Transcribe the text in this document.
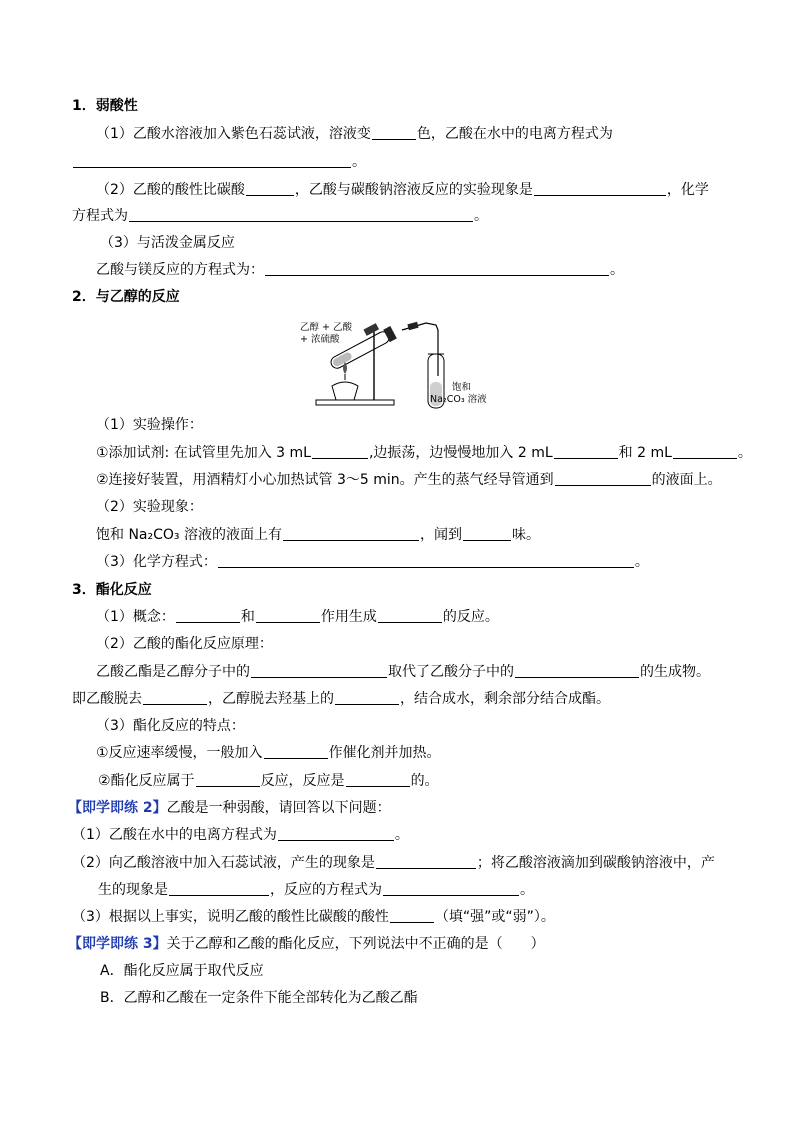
1．弱酸性
（1）乙酸水溶液加入紫色石蕊试液，溶液变	色，乙酸在水中的电离方程式为
。
（2）乙酸的酸性比碳酸	，乙酸与碳酸钠溶液反应的实验现象是	，化学
方程式为	。
（3）与活泼金属反应
乙酸与镁反应的方程式为：	。
2．与乙醇的反应
乙醇 + 乙酸
+ 浓硫酸
饱和
Na₂CO₃ 溶液
（1）实验操作：
①添加试剂: 在试管里先加入 3 mL	,边振荡，边慢慢地加入 2 mL	和 2 mL	。
②连接好装置，用酒精灯小心加热试管 3～5 min。产生的蒸气经导管通到	的液面上。
（2）实验现象：
饱和 Na₂CO₃ 溶液的液面上有	，闻到	味。
（3）化学方程式：	。
3．酯化反应
（1）概念：	和	作用生成	的反应。
（2）乙酸的酯化反应原理：
乙酸乙酯是乙醇分子中的	取代了乙酸分子中的	的生成物。
即乙酸脱去	，乙醇脱去羟基上的	，结合成水，剩余部分结合成酯。
（3）酯化反应的特点：
①反应速率缓慢，一般加入	作催化剂并加热。
②酯化反应属于	反应，反应是	的。
【即学即练 2】乙酸是一种弱酸，请回答以下问题：
（1）乙酸在水中的电离方程式为	。
（2）向乙酸溶液中加入石蕊试液，产生的现象是	；将乙酸溶液滴加到碳酸钠溶液中，产
生的现象是	，反应的方程式为	。
（3）根据以上事实，说明乙酸的酸性比碳酸的酸性	（填“强”或“弱”）。
【即学即练 3】关于乙醇和乙酸的酯化反应，下列说法中不正确的是（　　）
A．酯化反应属于取代反应
B．乙醇和乙酸在一定条件下能全部转化为乙酸乙酯
